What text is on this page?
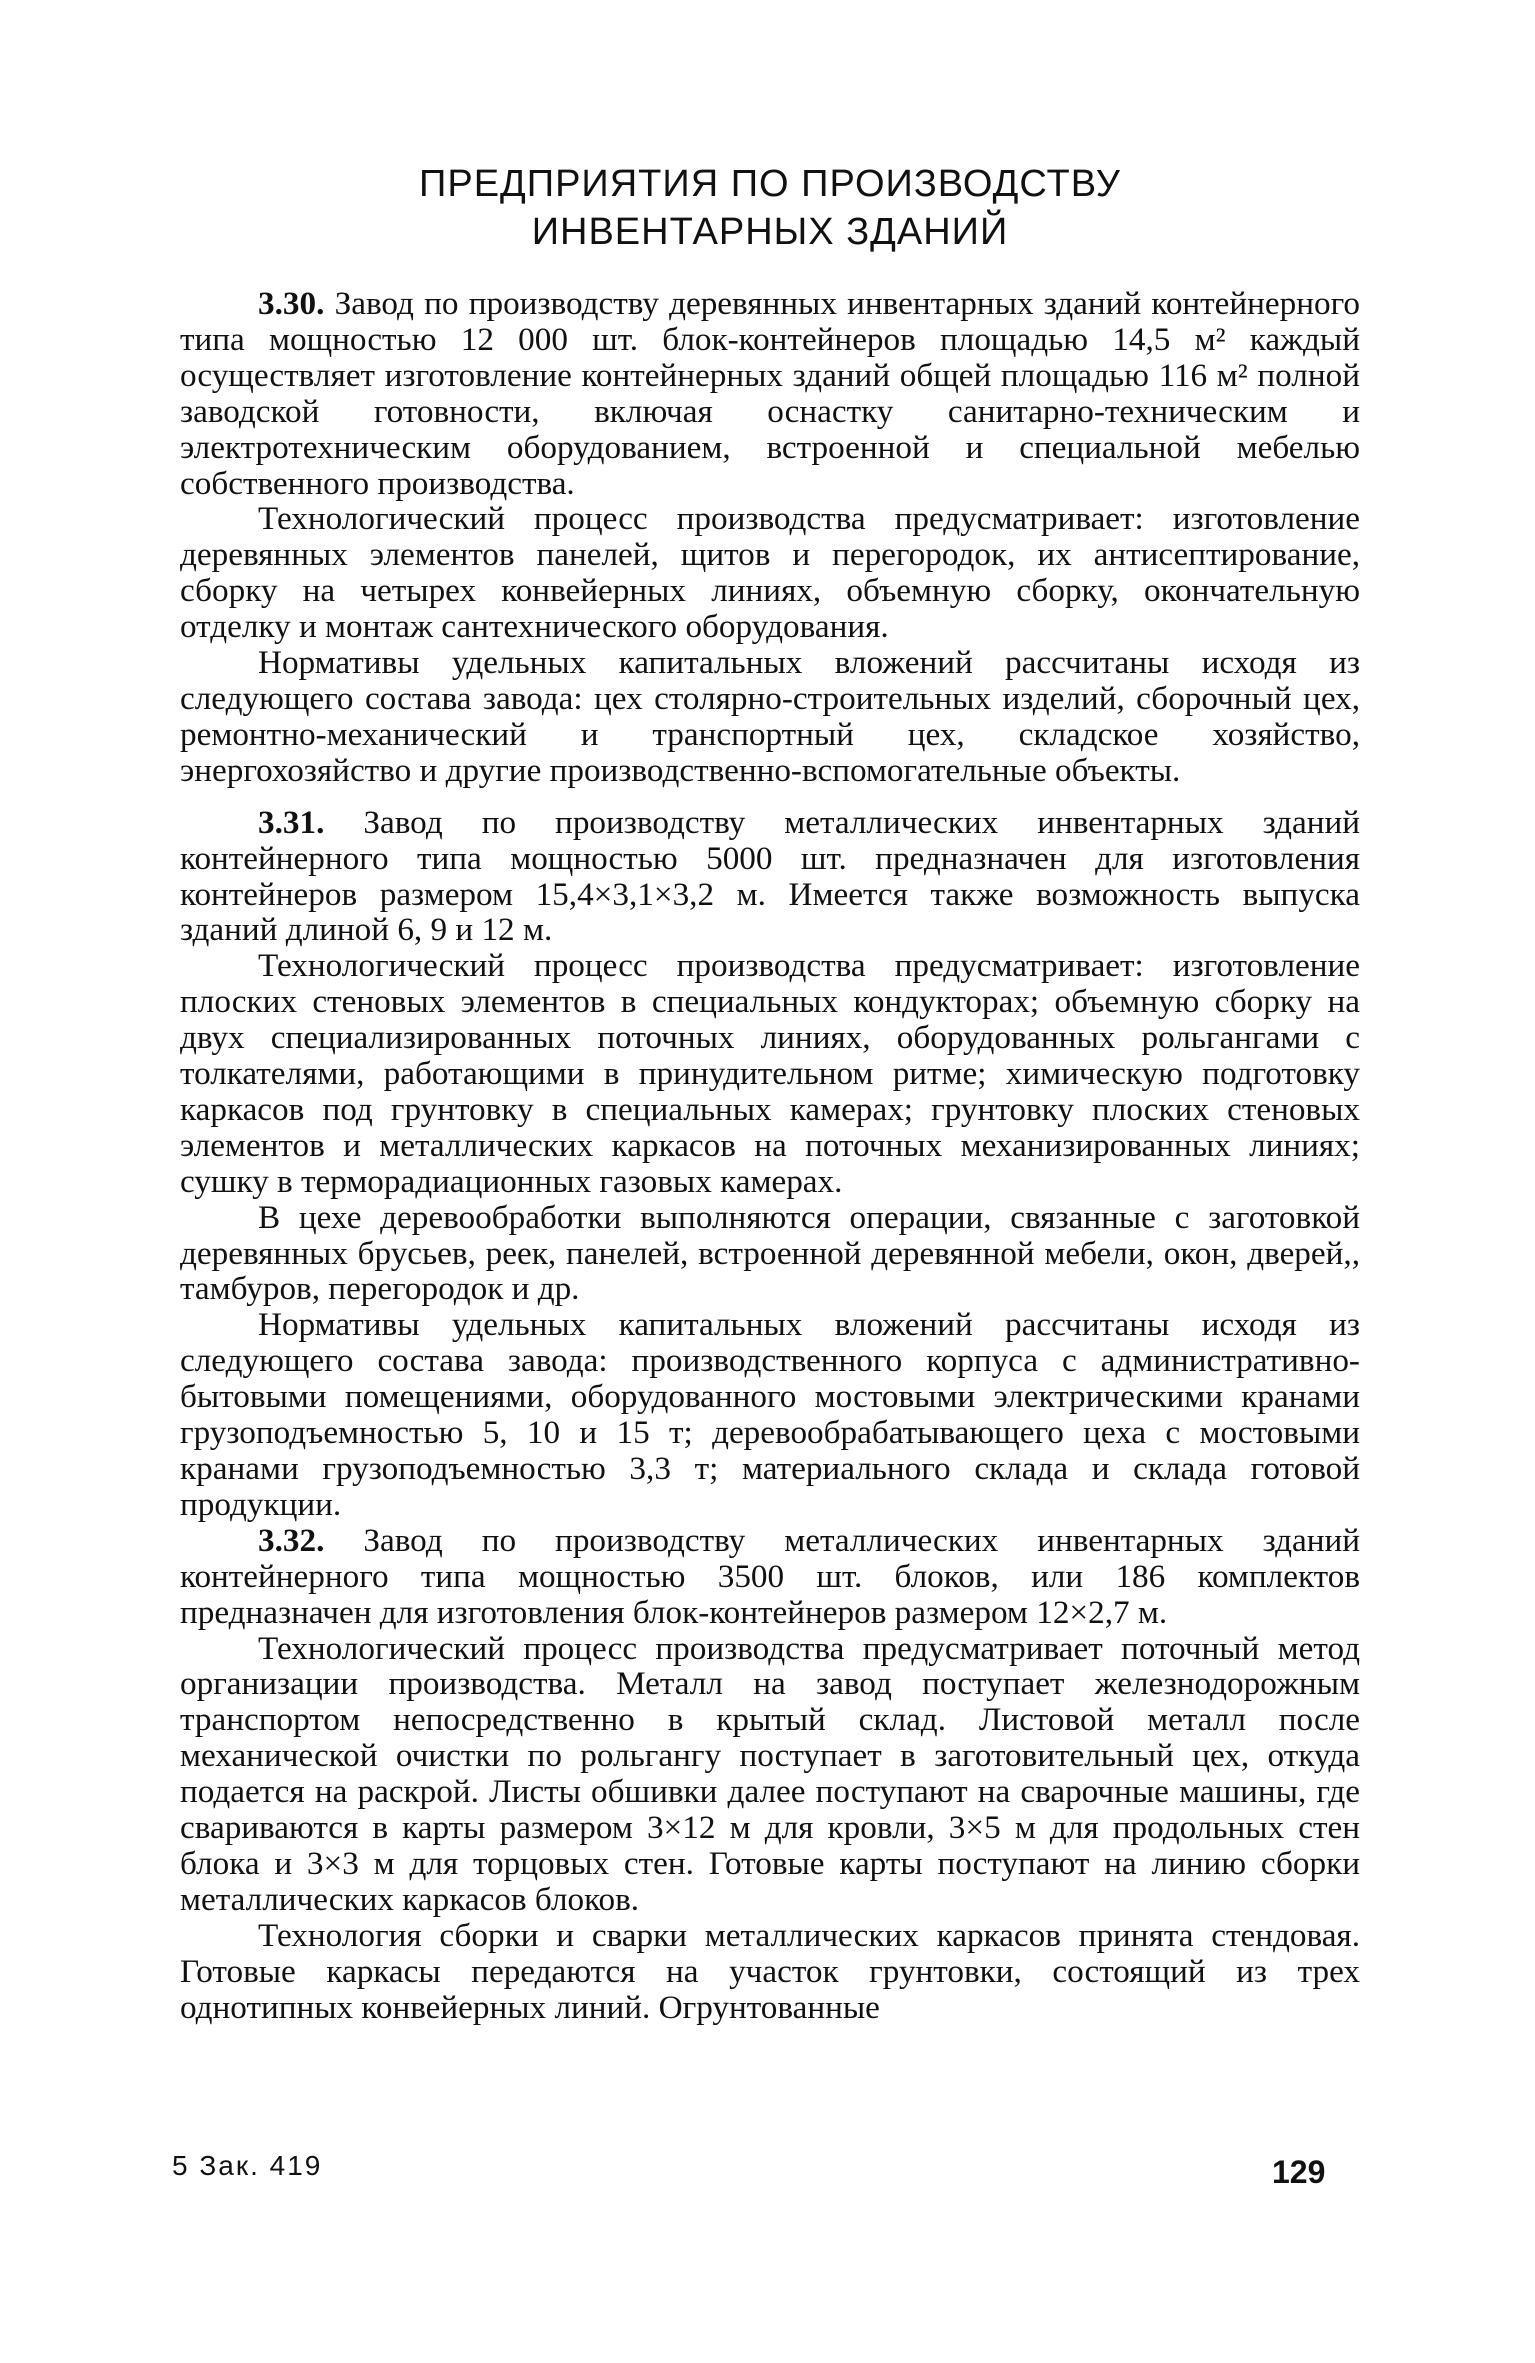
ПРЕДПРИЯТИЯ ПО ПРОИЗВОДСТВУ
ИНВЕНТАРНЫХ ЗДАНИЙ

3.30. Завод по производству деревянных инвентарных зданий контейнерного типа мощностью 12 000 шт. блок-контейнеров площадью 14,5 м² каждый осуществляет изготовление контейнерных зданий общей площадью 116 м² полной заводской готовности, включая оснастку санитарно-техническим и электротехническим оборудованием, встроенной и специальной мебелью собственного производства.

Технологический процесс производства предусматривает: изготовление деревянных элементов панелей, щитов и перегородок, их антисептирование, сборку на четырех конвейерных линиях, объемную сборку, окончательную отделку и монтаж сантехнического оборудования.

Нормативы удельных капитальных вложений рассчитаны исходя из следующего состава завода: цех столярно-строительных изделий, сборочный цех, ремонтно-механический и транспортный цех, складское хозяйство, энергохозяйство и другие производственно-вспомогательные объекты.

3.31. Завод по производству металлических инвентарных зданий контейнерного типа мощностью 5000 шт. предназначен для изготовления контейнеров размером 15,4×3,1×3,2 м. Имеется также возможность выпуска зданий длиной 6, 9 и 12 м.

Технологический процесс производства предусматривает: изготовление плоских стеновых элементов в специальных кондукторах; объемную сборку на двух специализированных поточных линиях, оборудованных рольгангами с толкателями, работающими в принудительном ритме; химическую подготовку каркасов под грунтовку в специальных камерах; грунтовку плоских стеновых элементов и металлических каркасов на поточных механизированных линиях; сушку в терморадиационных газовых камерах.

В цехе деревообработки выполняются операции, связанные с заготовкой деревянных брусьев, реек, панелей, встроенной деревянной мебели, окон, дверей,, тамбуров, перегородок и др.

Нормативы удельных капитальных вложений рассчитаны исходя из следующего состава завода: производственного корпуса с административно-бытовыми помещениями, оборудованного мостовыми электрическими кранами грузоподъемностью 5, 10 и 15 т; деревообрабатывающего цеха с мостовыми кранами грузоподъемностью 3,3 т; материального склада и склада готовой продукции.

3.32. Завод по производству металлических инвентарных зданий контейнерного типа мощностью 3500 шт. блоков, или 186 комплектов предназначен для изготовления блок-контейнеров размером 12×2,7 м.

Технологический процесс производства предусматривает поточный метод организации производства. Металл на завод поступает железнодорожным транспортом непосредственно в крытый склад. Листовой металл после механической очистки по рольгангу поступает в заготовительный цех, откуда подается на раскрой. Листы обшивки далее поступают на сварочные машины, где свариваются в карты размером 3×12 м для кровли, 3×5 м для продольных стен блока и 3×3 м для торцовых стен. Готовые карты поступают на линию сборки металлических каркасов блоков.

Технология сборки и сварки металлических каркасов принята стендовая. Готовые каркасы передаются на участок грунтовки, состоящий из трех однотипных конвейерных линий. Огрунтованные

5 Зак. 419	129
